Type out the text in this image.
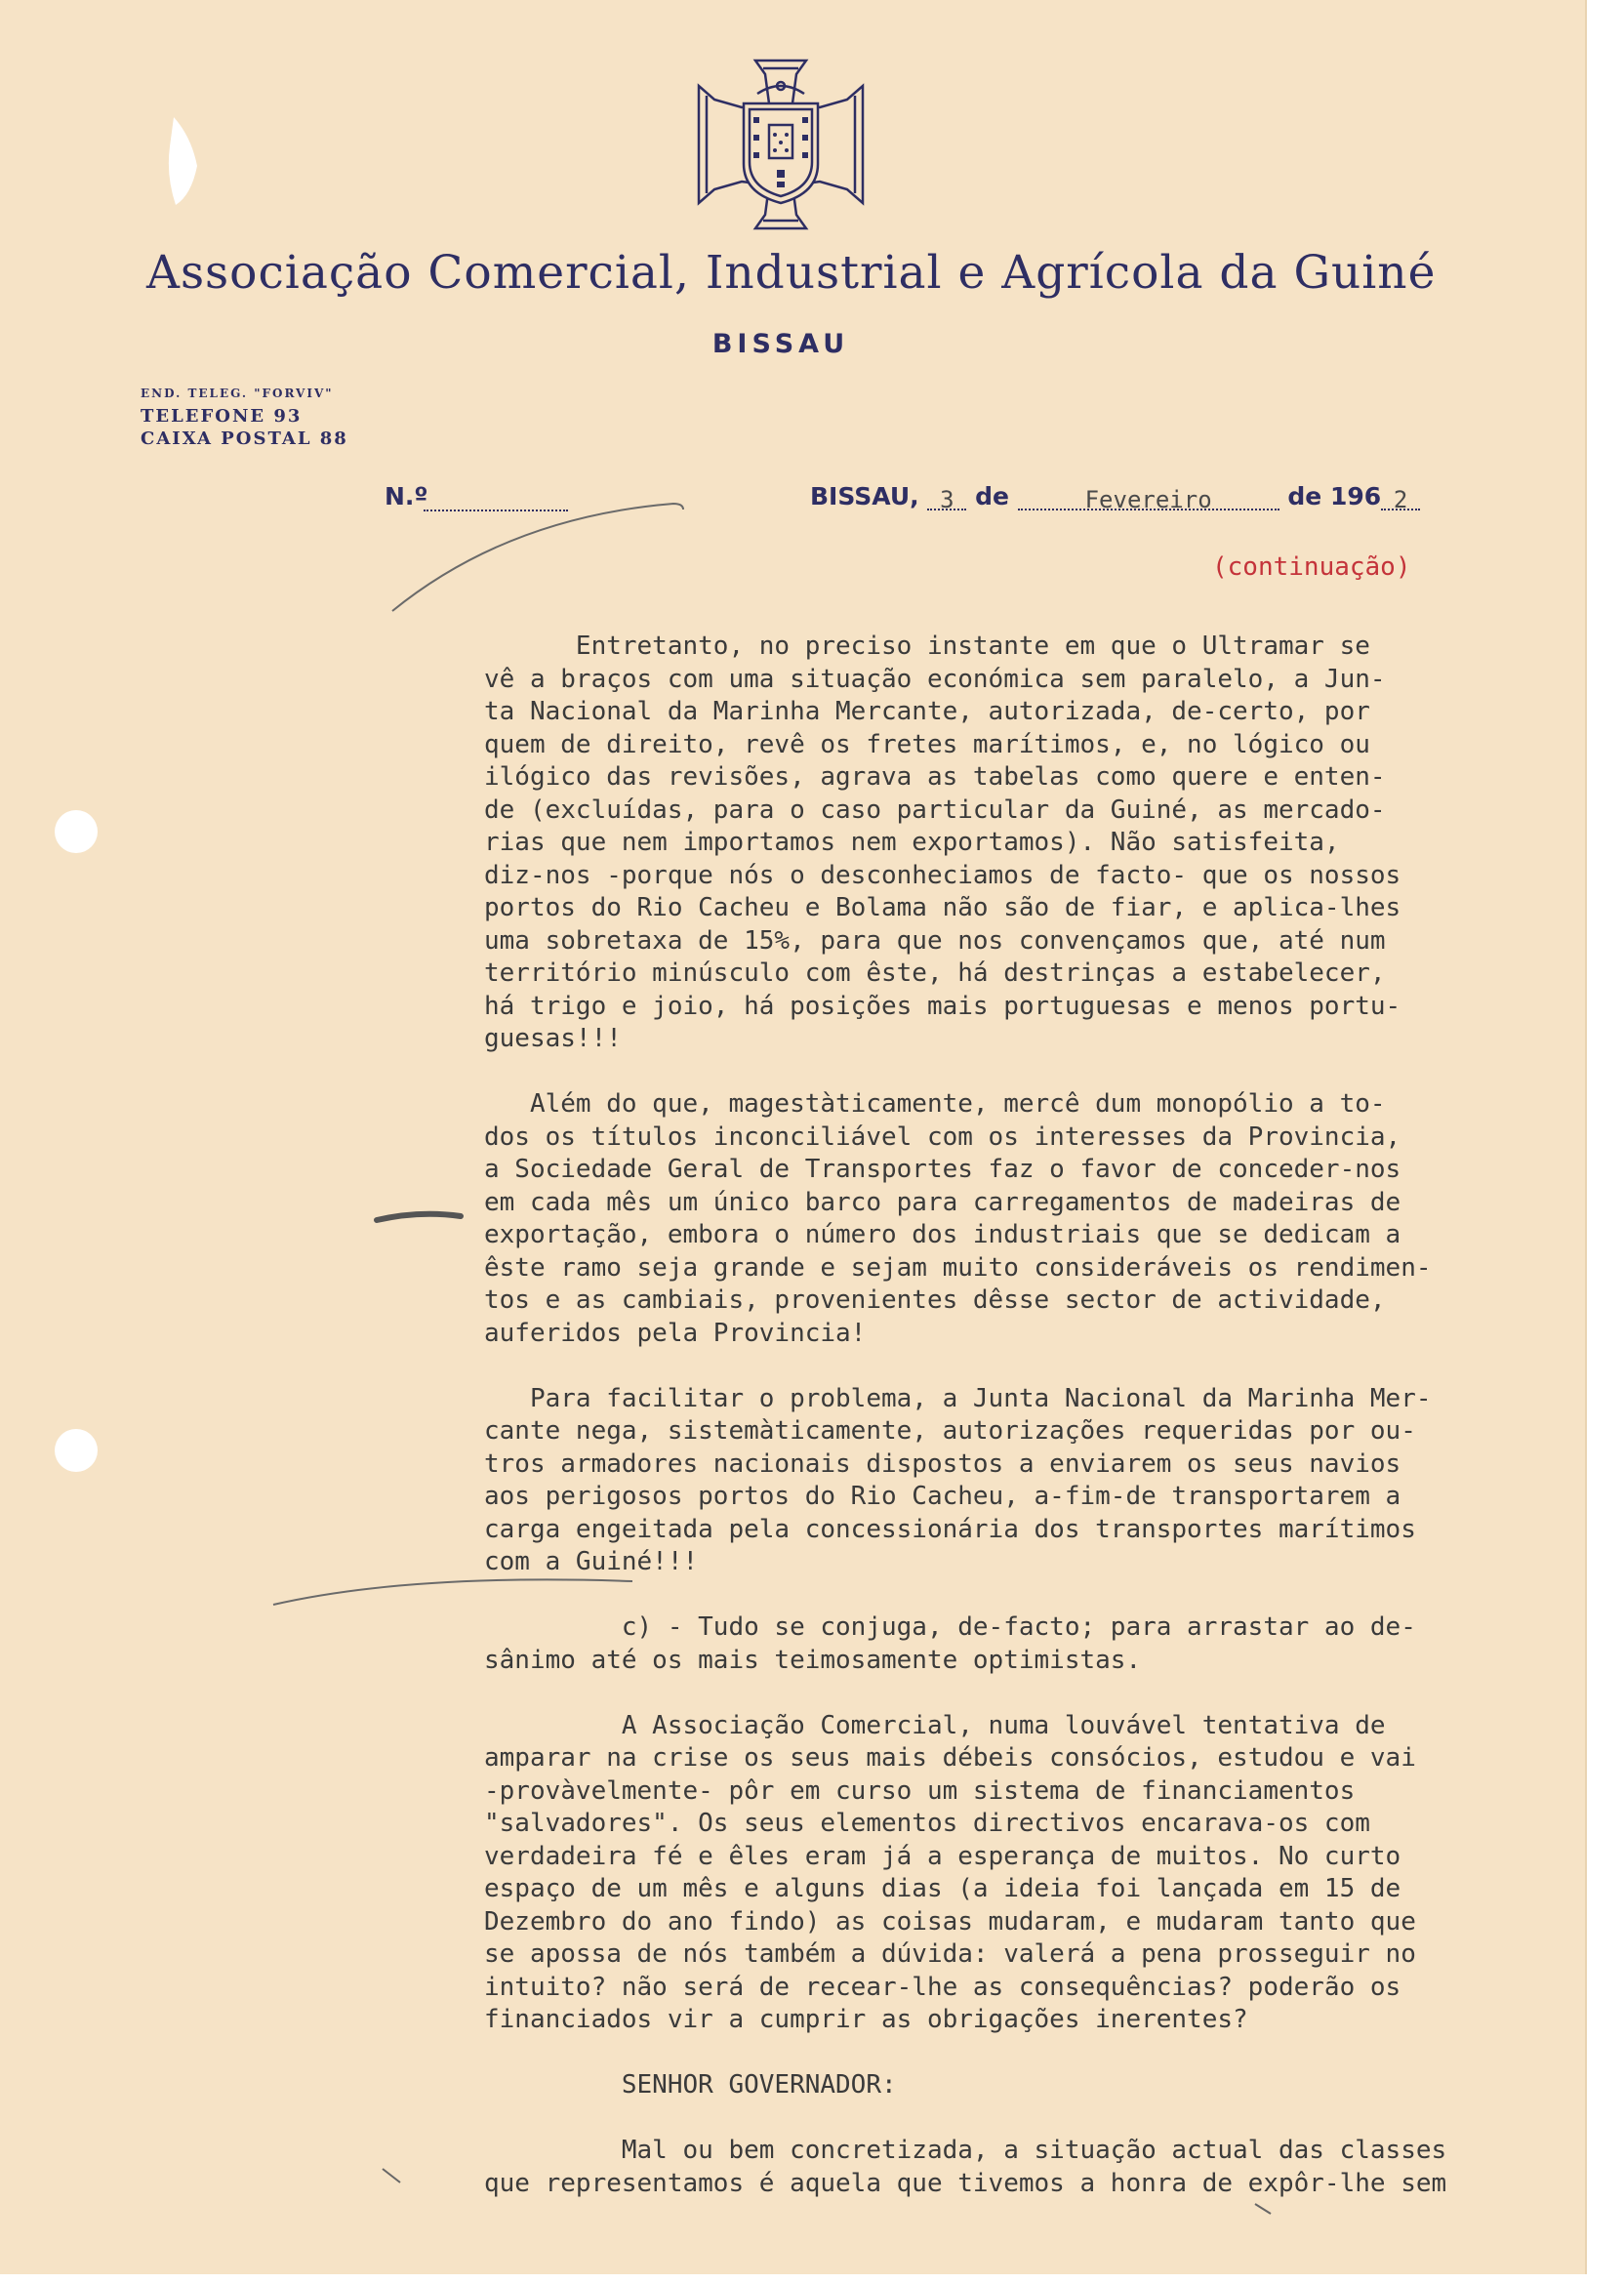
Associação Comercial, Industrial e Agrícola da Guiné
BISSAU
END. TELEG. "FORVIV"
TELEFONE 93
CAIXA POSTAL 88
N.º	BISSAU, 3 de	Fevereiro	de 196 2
(continuação)
Entretanto, no preciso instante em que o Ultramar se
vê a braços com uma situação económica sem paralelo, a Jun-
ta Nacional da Marinha Mercante, autorizada, de-certo, por
quem de direito, revê os fretes marítimos, e, no lógico ou
ilógico das revisões, agrava as tabelas como quere e enten-
de (excluídas, para o caso particular da Guiné, as mercado-
rias que nem importamos nem exportamos). Não satisfeita,
diz-nos -porque nós o desconheciamos de facto- que os nossos
portos do Rio Cacheu e Bolama não são de fiar, e aplica-lhes
uma sobretaxa de 15%, para que nos convençamos que, até num
território minúsculo com êste, há destrinças a estabelecer,
há trigo e joio, há posições mais portuguesas e menos portu-
guesas!!!

Além do que, magestàticamente, mercê dum monopólio a to-
dos os títulos inconciliável com os interesses da Provincia,
a Sociedade Geral de Transportes faz o favor de conceder-nos
em cada mês um único barco para carregamentos de madeiras de
exportação, embora o número dos industriais que se dedicam a
êste ramo seja grande e sejam muito consideráveis os rendimen-
tos e as cambiais, provenientes dêsse sector de actividade,
auferidos pela Provincia!

Para facilitar o problema, a Junta Nacional da Marinha Mer-
cante nega, sistemàticamente, autorizações requeridas por ou-
tros armadores nacionais dispostos a enviarem os seus navios
aos perigosos portos do Rio Cacheu, a-fim-de transportarem a
carga engeitada pela concessionária dos transportes marítimos
com a Guiné!!!

c) - Tudo se conjuga, de-facto; para arrastar ao de-
sânimo até os mais teimosamente optimistas.

A Associação Comercial, numa louvável tentativa de
amparar na crise os seus mais débeis consócios, estudou e vai
-provàvelmente- pôr em curso um sistema de financiamentos
"salvadores". Os seus elementos directivos encarava-os com
verdadeira fé e êles eram já a esperança de muitos. No curto
espaço de um mês e alguns dias (a ideia foi lançada em 15 de
Dezembro do ano findo) as coisas mudaram, e mudaram tanto que
se apossa de nós também a dúvida: valerá a pena prosseguir no
intuito? não será de recear-lhe as consequências? poderão os
financiados vir a cumprir as obrigações inerentes?

SENHOR GOVERNADOR:

Mal ou bem concretizada, a situação actual das classes
que representamos é aquela que tivemos a honra de expôr-lhe sem
